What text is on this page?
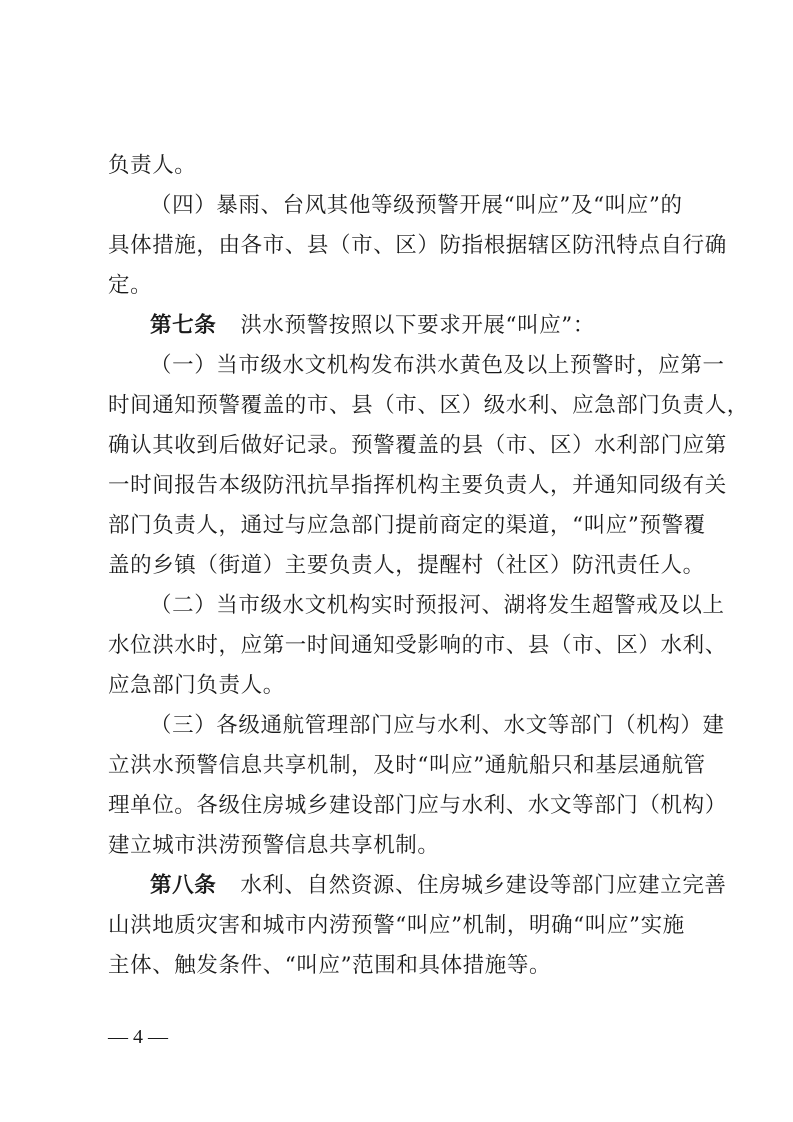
负责人。
（四）暴雨、台风其他等级预警开展“叫应”及“叫应”的
具体措施，由各市、县（市、区）防指根据辖区防汛特点自行确
定。
第七条 洪水预警按照以下要求开展“叫应”：
（一）当市级水文机构发布洪水黄色及以上预警时，应第一
时间通知预警覆盖的市、县（市、区）级水利、应急部门负责人，
确认其收到后做好记录。预警覆盖的县（市、区）水利部门应第
一时间报告本级防汛抗旱指挥机构主要负责人，并通知同级有关
部门负责人，通过与应急部门提前商定的渠道，“叫应”预警覆
盖的乡镇（街道）主要负责人，提醒村（社区）防汛责任人。
（二）当市级水文机构实时预报河、湖将发生超警戒及以上
水位洪水时，应第一时间通知受影响的市、县（市、区）水利、
应急部门负责人。
（三）各级通航管理部门应与水利、水文等部门（机构）建
立洪水预警信息共享机制，及时“叫应”通航船只和基层通航管
理单位。各级住房城乡建设部门应与水利、水文等部门（机构）
建立城市洪涝预警信息共享机制。
第八条 水利、自然资源、住房城乡建设等部门应建立完善
山洪地质灾害和城市内涝预警“叫应”机制，明确“叫应”实施
主体、触发条件、“叫应”范围和具体措施等。
— 4 —
